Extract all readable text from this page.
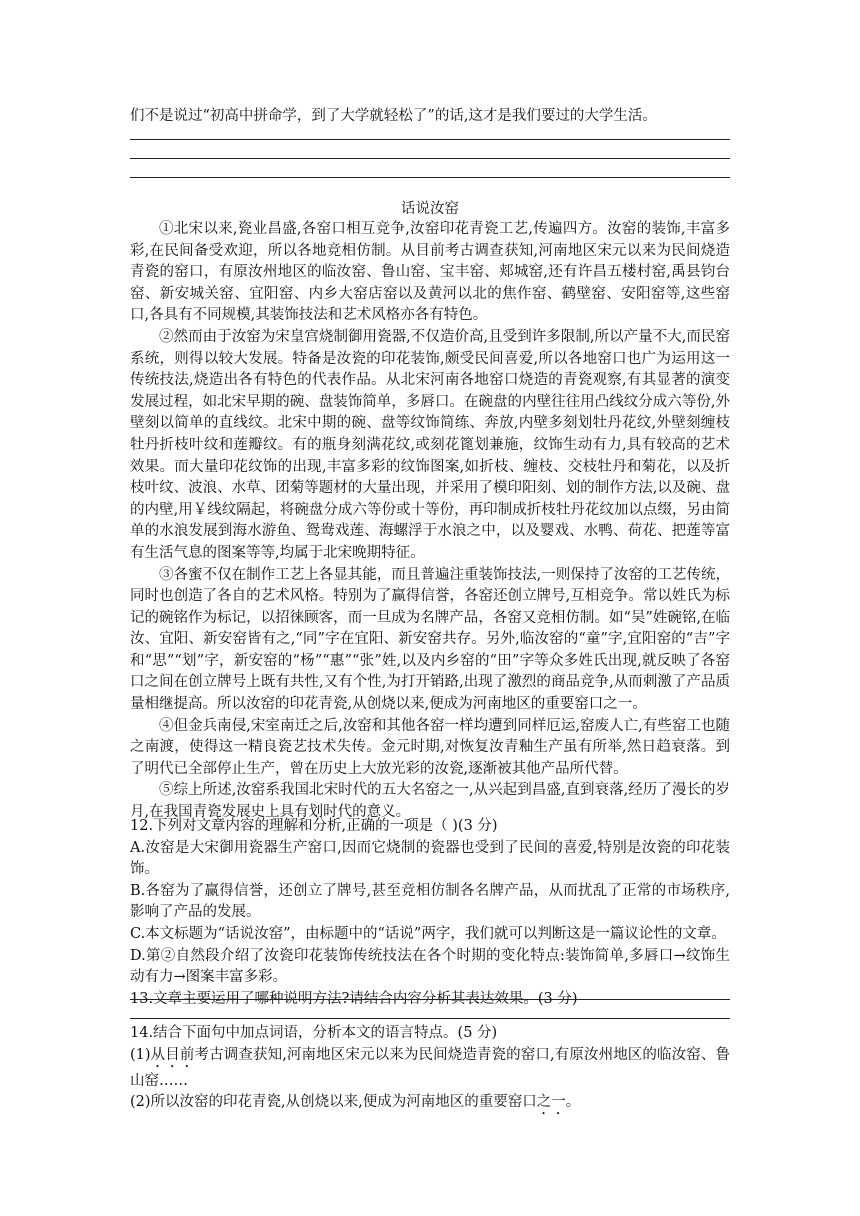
们不是说过“初高中拼命学，到了大学就轻松了”的话,这才是我们要过的大学生活。
话说汝窑

①北宋以来,瓷业昌盛,各窑口相互竞争,汝窑印花青瓷工艺,传遍四方。汝窑的装饰,丰富多彩,在民间备受欢迎，所以各地竞相仿制。从目前考古调查获知,河南地区宋元以来为民间烧造青瓷的窑口，有原汝州地区的临汝窑、鲁山窑、宝丰窑、郏城窑,还有许昌五楼村窑,禹县钧台窑、新安城关窑、宜阳窑、内乡大窑店窑以及黄河以北的焦作窑、鹤壁窑、安阳窑等,这些窑口,各具有不同规模,其装饰技法和艺术风格亦各有特色。

②然而由于汝窑为宋皇宫烧制御用瓷器,不仅造价高,且受到许多限制,所以产量不大,而民窑系统，则得以较大发展。特备是汝瓷的印花装饰,颇受民间喜爱,所以各地窑口也广为运用这一传统技法,烧造出各有特色的代表作品。从北宋河南各地窑口烧造的青瓷观察,有其显著的演变发展过程，如北宋早期的碗、盘装饰简单，多唇口。在碗盘的内壁往往用凸线纹分成六等份,外壁刻以简单的直线纹。北宋中期的碗、盘等纹饰简练、奔放,内壁多刻划牡丹花纹,外壁刻缠枝牡丹折枝叶纹和莲瓣纹。有的瓶身刻满花纹,或刻花篦划兼施，纹饰生动有力,具有较高的艺术效果。而大量印花纹饰的出现,丰富多彩的纹饰图案,如折枝、缠枝、交枝牡丹和菊花，以及折枝叶纹、波浪、水草、团菊等题材的大量出现，并采用了模印阳刻、划的制作方法,以及碗、盘的内壁,用￥线纹隔起，将碗盘分成六等份或十等份，再印制成折枝牡丹花纹加以点缀，另由简单的水浪发展到海水游鱼、鸳鸯戏莲、海螺浮于水浪之中，以及婴戏、水鸭、荷花、把莲等富有生活气息的图案等等,均属于北宋晚期特征。

③各蜜不仅在制作工艺上各显其能，而且普遍注重装饰技法,一则保持了汝窑的工艺传统，同时也创造了各自的艺术风格。特别为了赢得信誉，各窑还创立牌号,互相竞争。常以姓氏为标记的碗铭作为标记，以招徕顾客，而一旦成为名牌产品，各窑又竞相仿制。如“吴”姓碗铭,在临汝、宜阳、新安窑皆有之,“同”字在宜阳、新安窑共存。另外,临汝窑的“童”字,宜阳窑的“吉”字和“思”“划”字，新安窑的“杨”“惠”“张”姓,以及内乡窑的“田”字等众多姓氏出现,就反映了各窑口之间在创立牌号上既有共性,又有个性,为打开销路,出现了激烈的商品竞争,从而刺激了产品质量相继提高。所以汝窑的印花青瓷,从创烧以来,便成为河南地区的重要窑口之一。

④但金兵南侵,宋室南迁之后,汝窑和其他各窑一样均遭到同样厄运,窑废人亡,有些窑工也随之南渡，使得这一精良瓷艺技术失传。金元时期,对恢复汝青釉生产虽有所举,然日趋衰落。到了明代已全部停止生产，曾在历史上大放光彩的汝瓷,逐渐被其他产品所代替。

⑤综上所述,汝窑系我国北宋时代的五大名窑之一,从兴起到昌盛,直到衰落,经历了漫长的岁月,在我国青瓷发展史上具有划时代的意义。

12.下列对文章内容的理解和分析,正确的一项是（ )(3 分)

A.汝窑是大宋御用瓷器生产窑口,因而它烧制的瓷器也受到了民间的喜爱,特别是汝瓷的印花装饰。

B.各窑为了赢得信誉，还创立了牌号,甚至竞相仿制各名牌产品，从而扰乱了正常的市场秩序,影响了产品的发展。

C.本文标题为“话说汝窑”，由标题中的“话说”两字，我们就可以判断这是一篇议论性的文章。

D.第②自然段介绍了汝瓷印花装饰传统技法在各个时期的变化特点:装饰简单,多唇口→纹饰生动有力→图案丰富多彩。

13.文章主要运用了哪种说明方法?请结合内容分析其表达效果。(3 分)

14.结合下面句中加点词语，分析本文的语言特点。(5 分)

(1)从目前考古调查获知,河南地区宋元以来为民间烧造青瓷的窑口,有原汝州地区的临汝窑、鲁山窑……

(2)所以汝窑的印花青瓷,从创烧以来,便成为河南地区的重要窑口之一。
